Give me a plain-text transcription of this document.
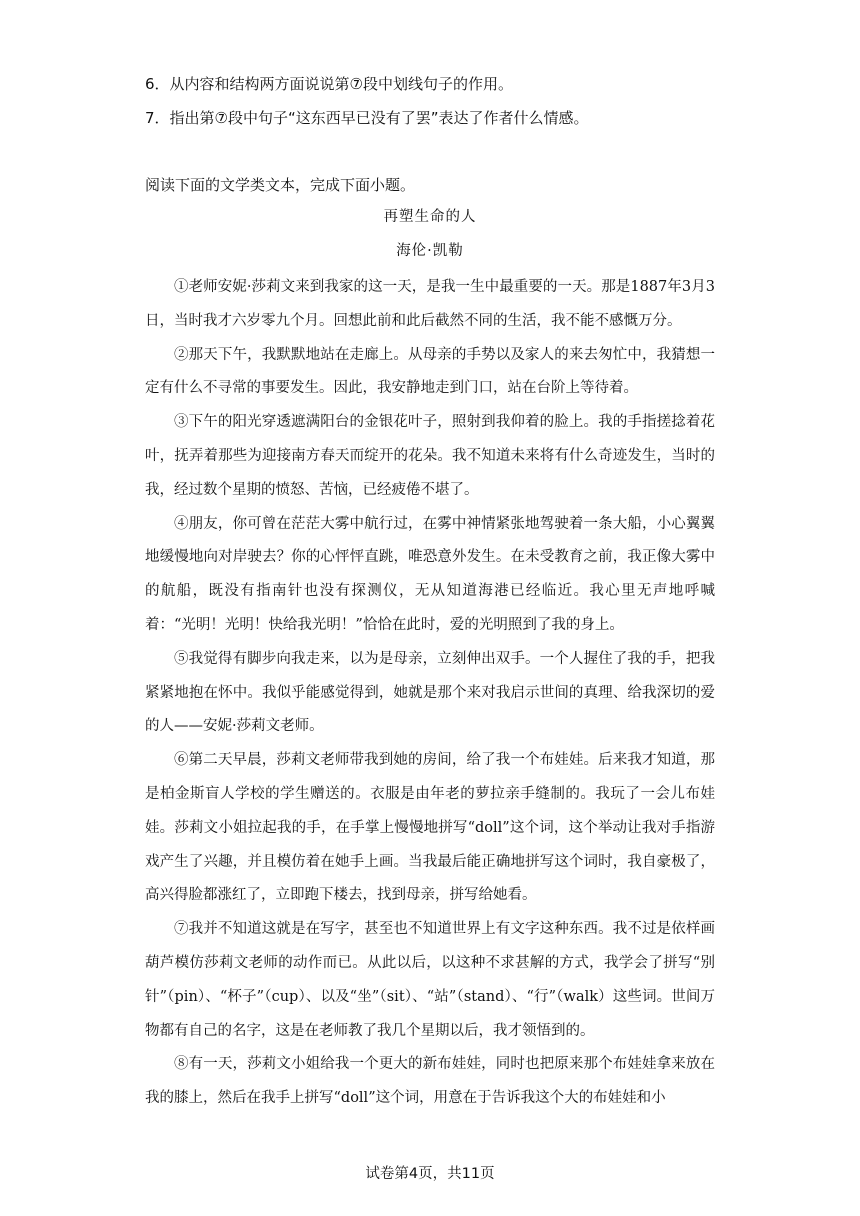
6．从内容和结构两方面说说第⑦段中划线句子的作用。
7．指出第⑦段中句子“这东西早已没有了罢”表达了作者什么情感。
阅读下面的文学类文本，完成下面小题。
再塑生命的人
海伦·凯勒

①老师安妮·莎莉文来到我家的这一天，是我一生中最重要的一天。那是1887年3月3日，当时我才六岁零九个月。回想此前和此后截然不同的生活，我不能不感慨万分。

②那天下午，我默默地站在走廊上。从母亲的手势以及家人的来去匆忙中，我猜想一定有什么不寻常的事要发生。因此，我安静地走到门口，站在台阶上等待着。

③下午的阳光穿透遮满阳台的金银花叶子，照射到我仰着的脸上。我的手指搓捻着花叶，抚弄着那些为迎接南方春天而绽开的花朵。我不知道未来将有什么奇迹发生，当时的我，经过数个星期的愤怒、苦恼，已经疲倦不堪了。

④朋友，你可曾在茫茫大雾中航行过，在雾中神情紧张地驾驶着一条大船，小心翼翼地缓慢地向对岸驶去？你的心怦怦直跳，唯恐意外发生。在未受教育之前，我正像大雾中的航船，既没有指南针也没有探测仪，无从知道海港已经临近。我心里无声地呼喊着：“光明！光明！快给我光明！”恰恰在此时，爱的光明照到了我的身上。

⑤我觉得有脚步向我走来，以为是母亲，立刻伸出双手。一个人握住了我的手，把我紧紧地抱在怀中。我似乎能感觉得到，她就是那个来对我启示世间的真理、给我深切的爱的人——安妮·莎莉文老师。

⑥第二天早晨，莎莉文老师带我到她的房间，给了我一个布娃娃。后来我才知道，那是柏金斯盲人学校的学生赠送的。衣服是由年老的萝拉亲手缝制的。我玩了一会儿布娃娃。莎莉文小姐拉起我的手，在手掌上慢慢地拼写“doll”这个词，这个举动让我对手指游戏产生了兴趣，并且模仿着在她手上画。当我最后能正确地拼写这个词时，我自豪极了，高兴得脸都涨红了，立即跑下楼去，找到母亲，拼写给她看。

⑦我并不知道这就是在写字，甚至也不知道世界上有文字这种东西。我不过是依样画葫芦模仿莎莉文老师的动作而已。从此以后，以这种不求甚解的方式，我学会了拼写“别针”（pin）、“杯子”（cup）、以及“坐”（sit）、“站”（stand）、“行”（walk）这些词。世间万物都有自己的名字，这是在老师教了我几个星期以后，我才领悟到的。

⑧有一天，莎莉文小姐给我一个更大的新布娃娃，同时也把原来那个布娃娃拿来放在我的膝上，然后在我手上拼写“doll”这个词，用意在于告诉我这个大的布娃娃和小

试卷第4页，共11页
